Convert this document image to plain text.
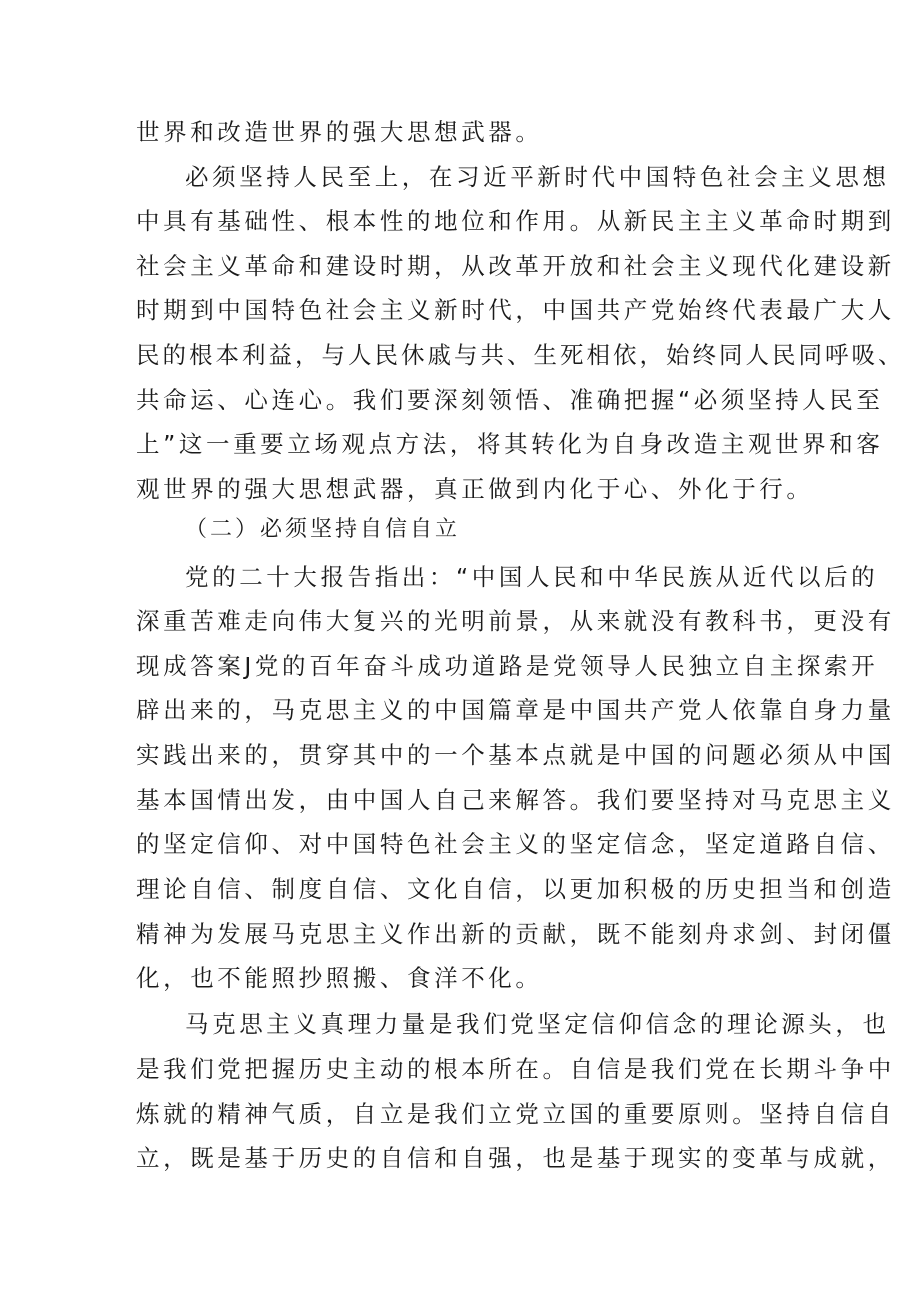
世界和改造世界的强大思想武器。
必须坚持人民至上，在习近平新时代中国特色社会主义思想
中具有基础性、根本性的地位和作用。从新民主主义革命时期到
社会主义革命和建设时期，从改革开放和社会主义现代化建设新
时期到中国特色社会主义新时代，中国共产党始终代表最广大人
民的根本利益，与人民休戚与共、生死相依，始终同人民同呼吸、
共命运、心连心。我们要深刻领悟、准确把握“必须坚持人民至
上”这一重要立场观点方法，将其转化为自身改造主观世界和客
观世界的强大思想武器，真正做到内化于心、外化于行。
（二）必须坚持自信自立
党的二十大报告指出：“中国人民和中华民族从近代以后的
深重苦难走向伟大复兴的光明前景，从来就没有教科书，更没有
现成答案J党的百年奋斗成功道路是党领导人民独立自主探索开
辟出来的，马克思主义的中国篇章是中国共产党人依靠自身力量
实践出来的，贯穿其中的一个基本点就是中国的问题必须从中国
基本国情出发，由中国人自己来解答。我们要坚持对马克思主义
的坚定信仰、对中国特色社会主义的坚定信念，坚定道路自信、
理论自信、制度自信、文化自信，以更加积极的历史担当和创造
精神为发展马克思主义作出新的贡献，既不能刻舟求剑、封闭僵
化，也不能照抄照搬、食洋不化。
马克思主义真理力量是我们党坚定信仰信念的理论源头，也
是我们党把握历史主动的根本所在。自信是我们党在长期斗争中
炼就的精神气质，自立是我们立党立国的重要原则。坚持自信自
立，既是基于历史的自信和自强，也是基于现实的变革与成就，
